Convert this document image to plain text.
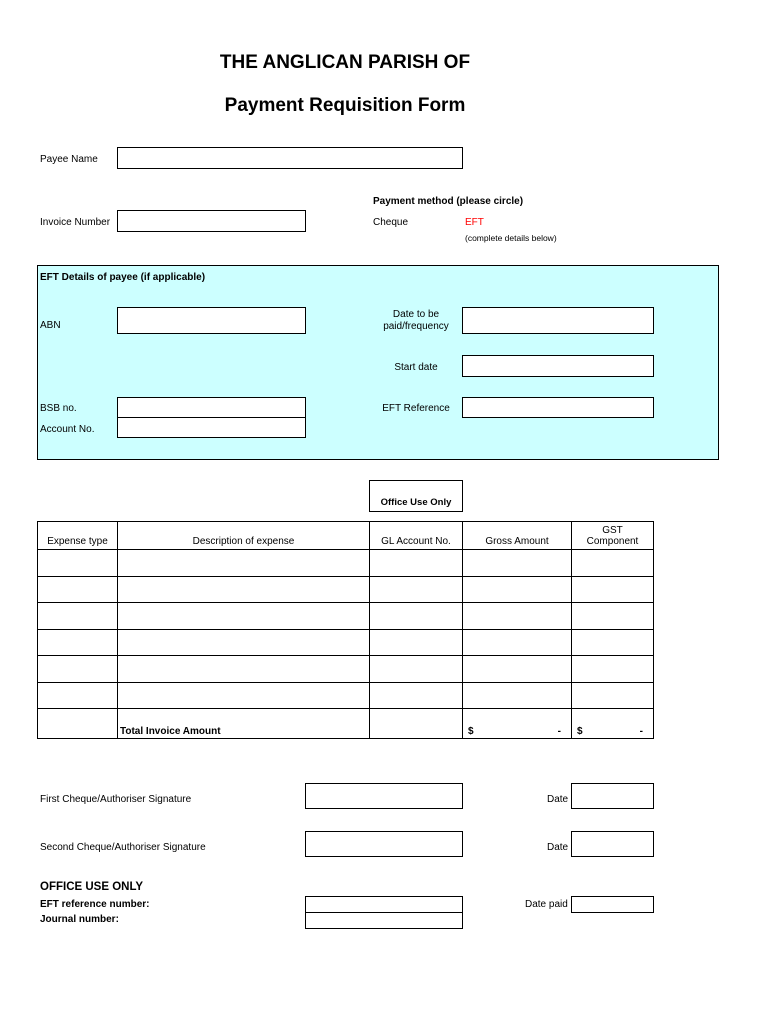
THE ANGLICAN PARISH OF
Payment Requisition Form
Payee Name
Invoice Number
Payment method (please circle)
Cheque	EFT
(complete details below)
EFT Details of payee (if applicable)
ABN
Date to be
paid/frequency
Start date
BSB no.	EFT Reference
Account No.
Office Use Only
Expense type	Description of expense	GL Account No.	Gross Amount	GST
Component

	Total Invoice Amount		$ -	$ -
First Cheque/Authoriser Signature	Date
Second Cheque/Authoriser Signature	Date
OFFICE USE ONLY
EFT reference number:	Date paid
Journal number:
